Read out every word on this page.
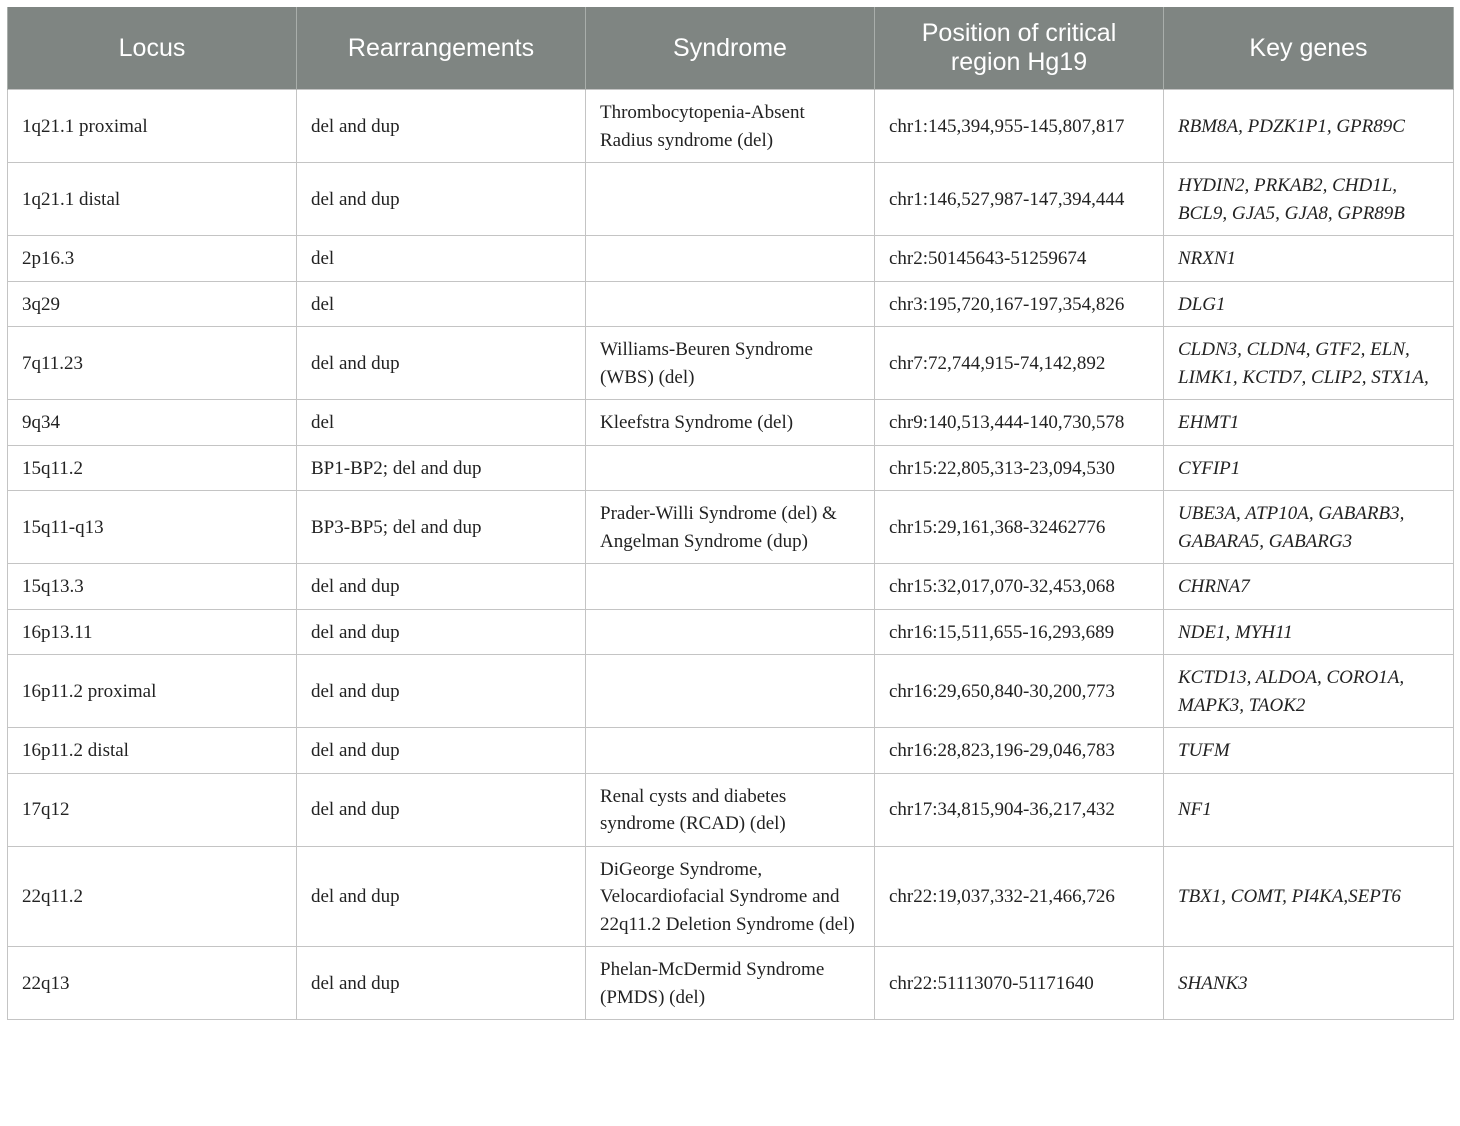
Locus	Rearrangements	Syndrome	Position of critical region Hg19	Key genes
1q21.1 proximal	del and dup	Thrombocytopenia-Absent Radius syndrome (del)	chr1:145,394,955-145,807,817	RBM8A, PDZK1P1, GPR89C
1q21.1 distal	del and dup		chr1:146,527,987-147,394,444	HYDIN2, PRKAB2, CHD1L, BCL9, GJA5, GJA8, GPR89B
2p16.3	del		chr2:50145643-51259674	NRXN1
3q29	del		chr3:195,720,167-197,354,826	DLG1
7q11.23	del and dup	Williams-Beuren Syndrome (WBS) (del)	chr7:72,744,915-74,142,892	CLDN3, CLDN4, GTF2, ELN, LIMK1, KCTD7, CLIP2, STX1A,
9q34	del	Kleefstra Syndrome (del)	chr9:140,513,444-140,730,578	EHMT1
15q11.2	BP1-BP2; del and dup		chr15:22,805,313-23,094,530	CYFIP1
15q11-q13	BP3-BP5; del and dup	Prader-Willi Syndrome (del) & Angelman Syndrome (dup)	chr15:29,161,368-32462776	UBE3A, ATP10A, GABARB3, GABARA5, GABARG3
15q13.3	del and dup		chr15:32,017,070-32,453,068	CHRNA7
16p13.11	del and dup		chr16:15,511,655-16,293,689	NDE1, MYH11
16p11.2 proximal	del and dup		chr16:29,650,840-30,200,773	KCTD13, ALDOA, CORO1A, MAPK3, TAOK2
16p11.2 distal	del and dup		chr16:28,823,196-29,046,783	TUFM
17q12	del and dup	Renal cysts and diabetes syndrome (RCAD) (del)	chr17:34,815,904-36,217,432	NF1
22q11.2	del and dup	DiGeorge Syndrome, Velocardiofacial Syndrome and 22q11.2 Deletion Syndrome (del)	chr22:19,037,332-21,466,726	TBX1, COMT, PI4KA,SEPT6
22q13	del and dup	Phelan-McDermid Syndrome (PMDS) (del)	chr22:51113070-51171640	SHANK3
